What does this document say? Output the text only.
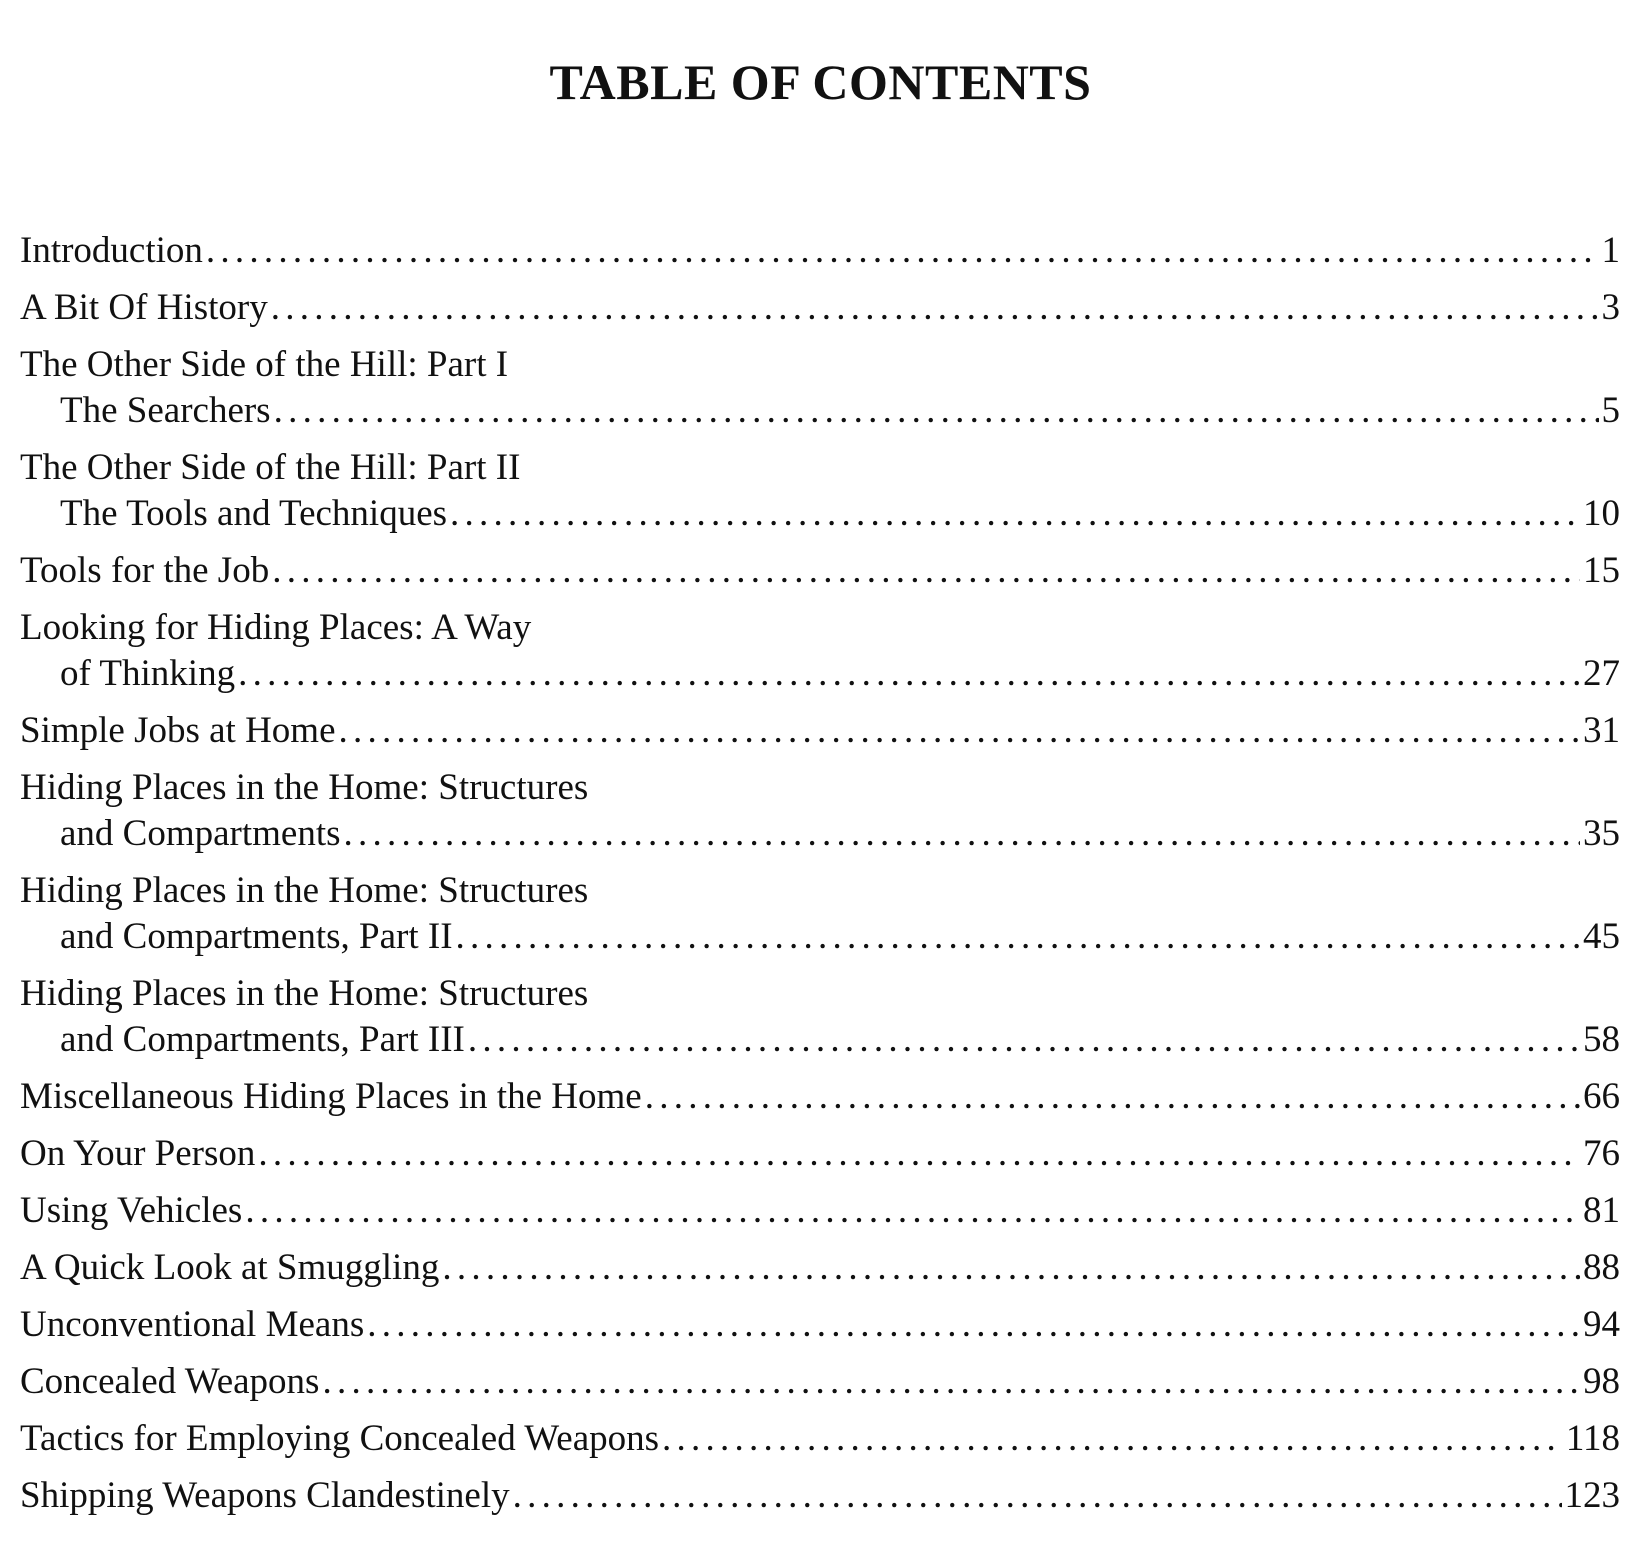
TABLE OF CONTENTS
Introduction . . .	1
A Bit Of History . . .	3
The Other Side of the Hill: Part I
The Searchers . . .	5
The Other Side of the Hill: Part II
The Tools and Techniques . . .	10
Tools for the Job . . .	15
Looking for Hiding Places: A Way
of Thinking . . .	27
Simple Jobs at Home . . .	31
Hiding Places in the Home: Structures
and Compartments . . .	35
Hiding Places in the Home: Structures
and Compartments, Part II . . .	45
Hiding Places in the Home: Structures
and Compartments, Part III . . .	58
Miscellaneous Hiding Places in the Home . . .	66
On Your Person . . .	76
Using Vehicles . . .	81
A Quick Look at Smuggling . . .	88
Unconventional Means . . .	94
Concealed Weapons . . .	98
Tactics for Employing Concealed Weapons . . .	118
Shipping Weapons Clandestinely . . .	123
